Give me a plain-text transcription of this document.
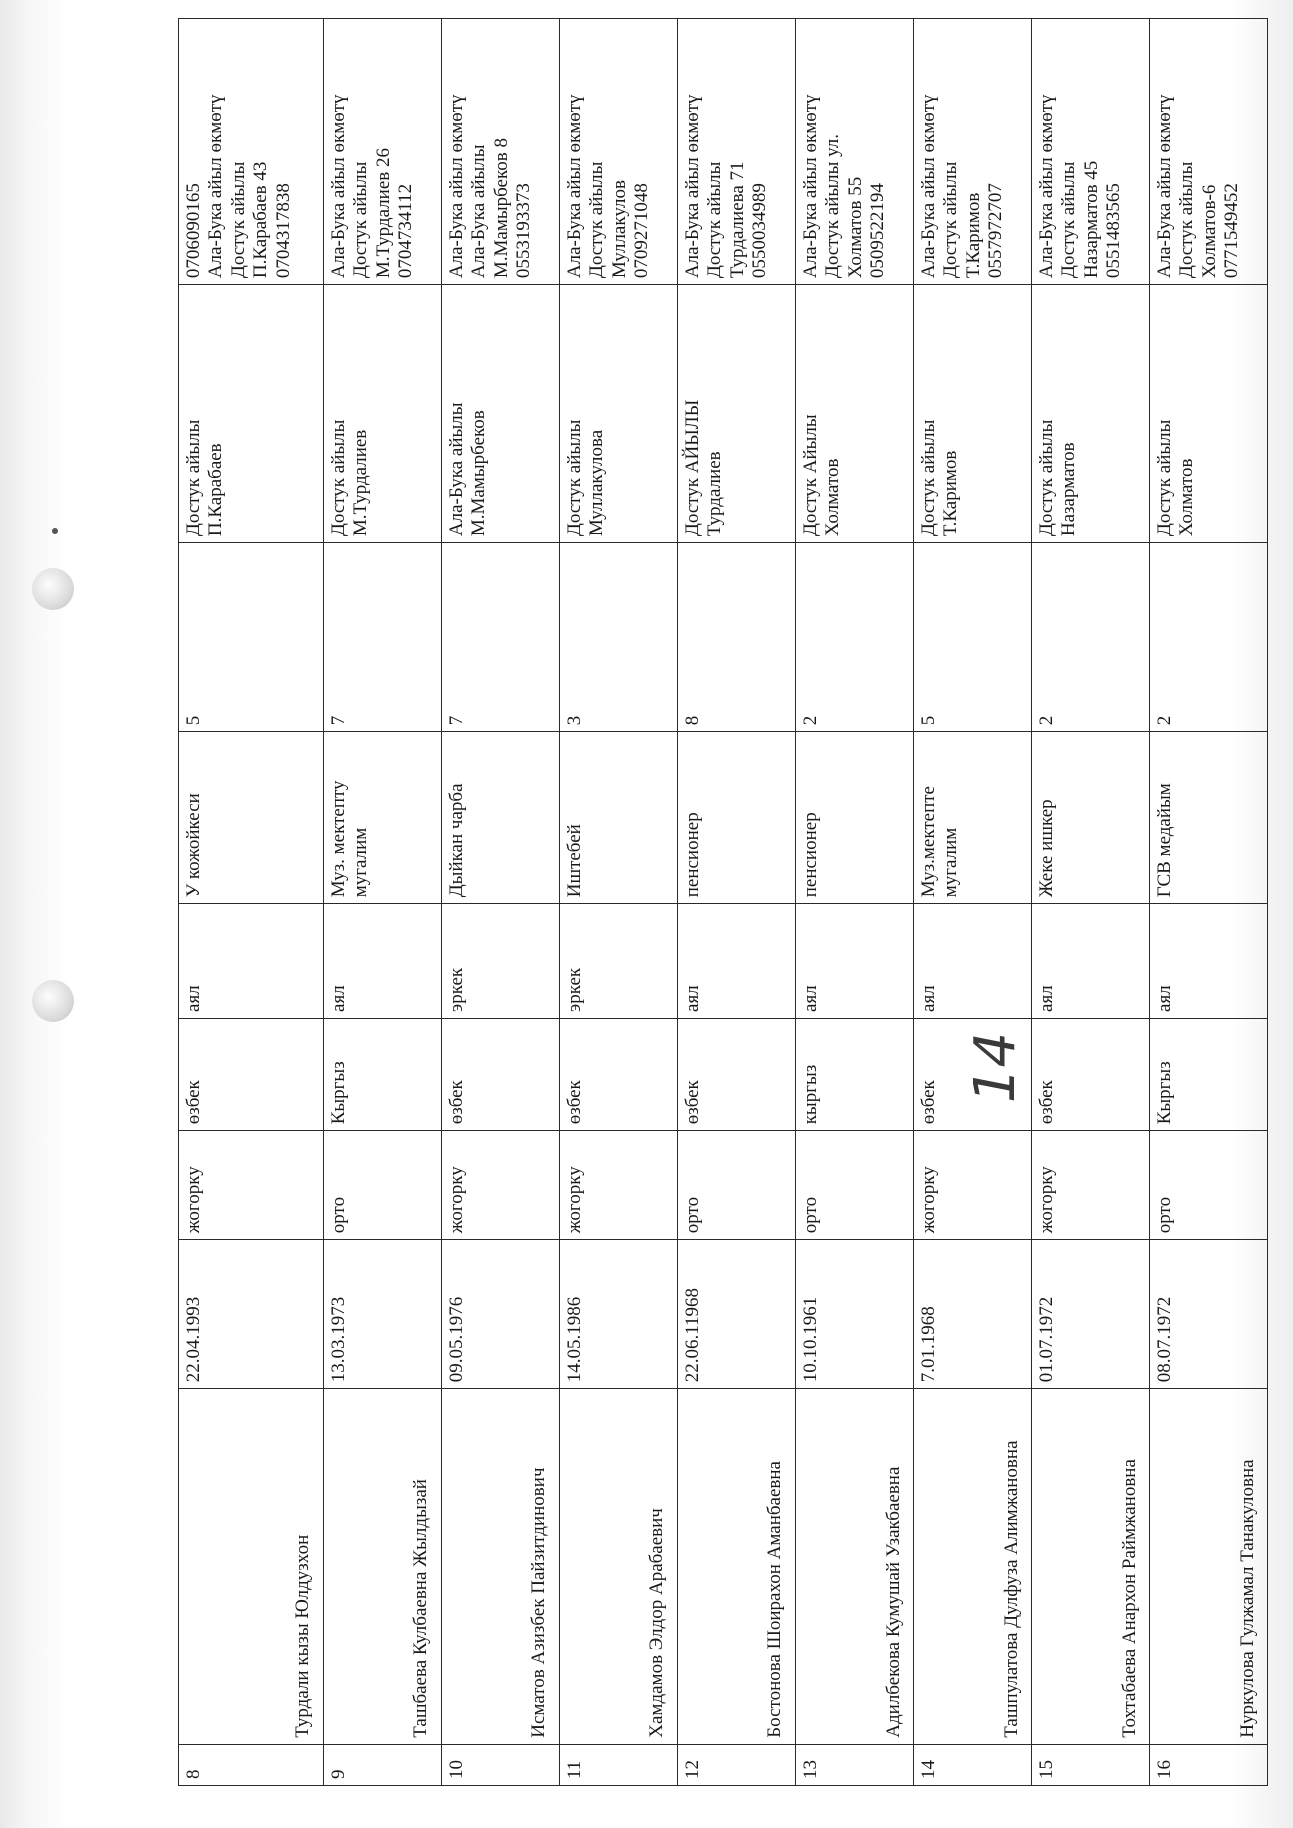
8	Турдали кызы Юлдузхон	22.04.1993	жогорку	өзбек	аял	У кожойкеси	5	Достук айылы П.Карабаев	0706090165 Ала-Бука айыл өкмөтү Достук айылы П.Карабаев 43 0704317838

9	Ташбаева Кулбаевна Жылдызай	13.03.1973	орто	Кыргыз	аял	Муз. мектепту мугалим	7	Достук айылы М.Турдалиев	Ала-Бука айыл өкмөтү Достук айылы М.Турдалиев 26 0704734112

10	Исматов Азизбек Пайзитдинович	09.05.1976	жогорку	өзбек	эркек	Дыйкан чарба	7	Ала-Бука айылы М.Мамырбеков	Ала-Бука айыл өкмөтү Ала-Бука айылы М.Мамырбеков 8 0553193373

11	Хамдамов Элдор Арабаевич	14.05.1986	жогорку	өзбек	эркек	Иштебей	3	Достук айылы Муллакулова	Ала-Бука айыл өкмөтү Достук айылы Муллакулов 0709271048

12	Бостонова Шоирахон Аманбаевна	22.06.11968	орто	өзбек	аял	пенсионер	8	Достук АЙЫЛЫ Турдалиев	Ала-Бука айыл өкмөтү Достук айылы Турдалиева 71 0550034989

13	Адилбекова Кумушай Узакбаевна	10.10.1961	орто	кыргыз	аял	пенсионер	2	Достук Айылы Холматов	Ала-Бука айыл өкмөтү Достук айылы ул. Холматов 55 0509522194

14	Ташпулатова Дулфуза Алимжановна	7.01.1968	жогорку	өзбек	аял	Муз.мектепте мугалим	5	Достук айылы Т.Каримов	Ала-Бука айыл өкмөтү Достук айылы Т.Каримов 0557972707

15	Тохтабаева Анархон Раймжановна	01.07.1972	жогорку	өзбек	аял	Жеке ишкер	2	Достук айылы Назарматов	Ала-Бука айыл өкмөтү Достук айылы Назарматов 45 0551483565

16	Нуркулова Гулжамал Танакуловна	08.07.1972	орто	Кыргыз	аял	ГСВ медайым	2	Достук айылы Холматов	Ала-Бука айыл өкмөтү Достук айылы Холматов-6 0771549452
14
